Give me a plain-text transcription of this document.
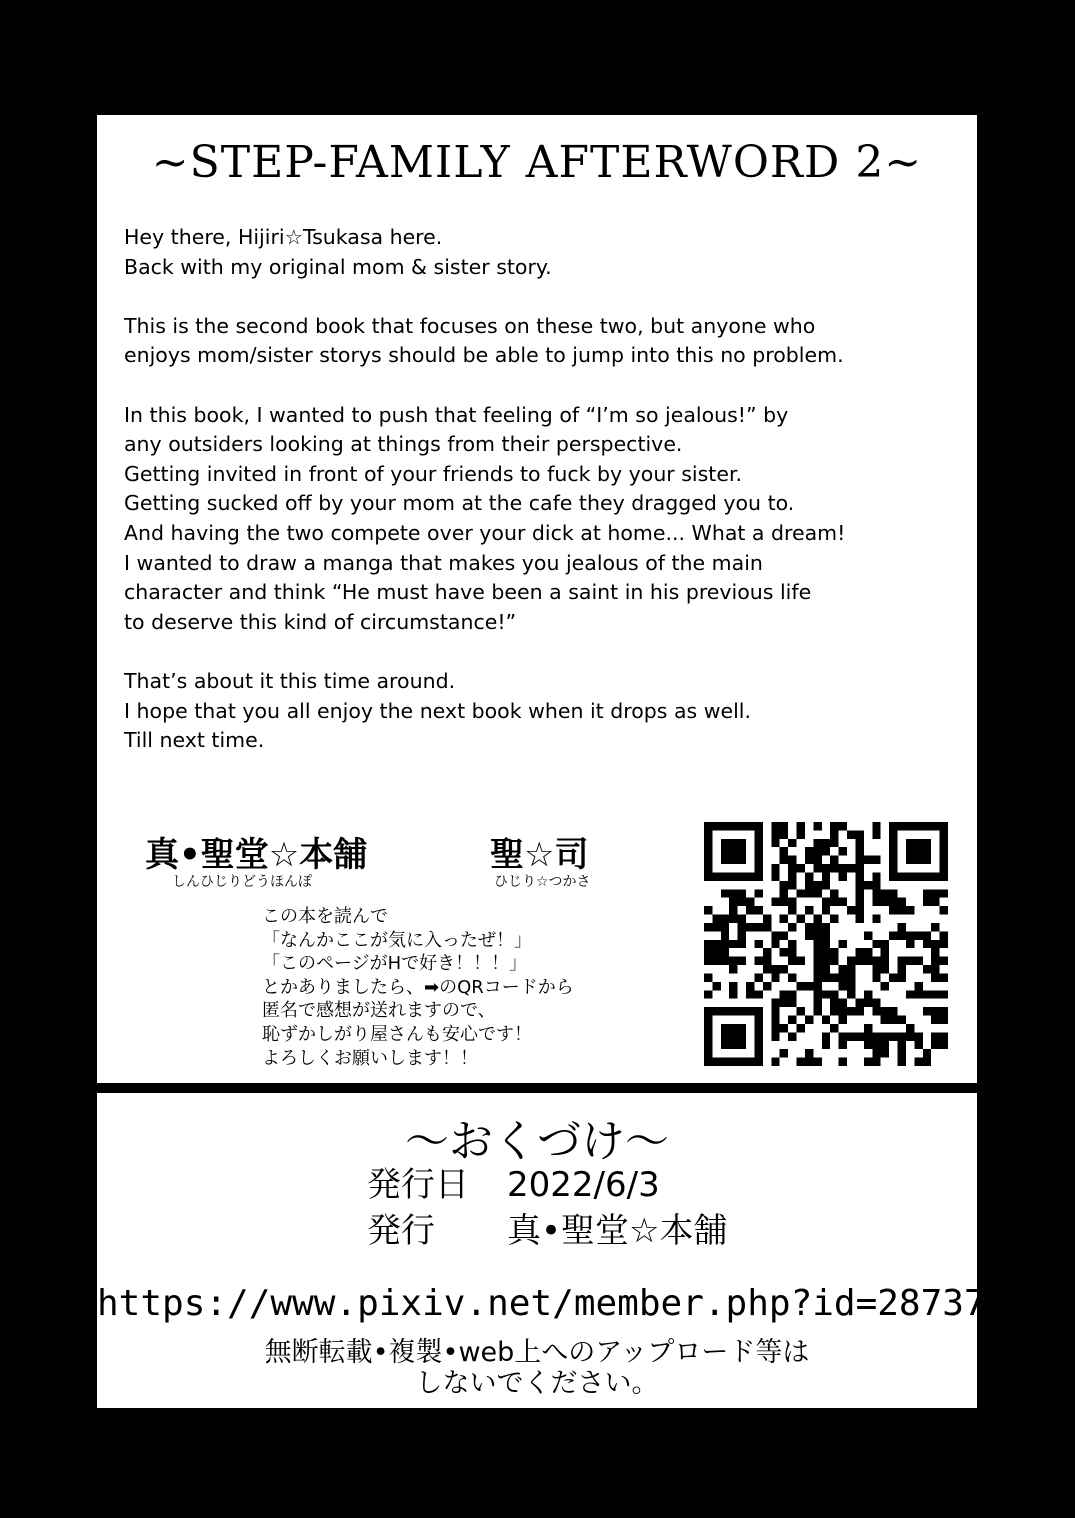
~STEP-FAMILY AFTERWORD 2~

Hey there, Hijiri☆Tsukasa here.
Back with my original mom & sister story.

This is the second book that focuses on these two, but anyone who
enjoys mom/sister storys should be able to jump into this no problem.

In this book, I wanted to push that feeling of “I’m so jealous!” by
any outsiders looking at things from their perspective.
Getting invited in front of your friends to fuck by your sister.
Getting sucked off by your mom at the cafe they dragged you to.
And having the two compete over your dick at home... What a dream!
I wanted to draw a manga that makes you jealous of the main
character and think “He must have been a saint in his previous life
to deserve this kind of circumstance!”

That’s about it this time around.
I hope that you all enjoy the next book when it drops as well.
Till next time.

真•聖堂☆本舗
しんひじりどうほんぽ
聖☆司
ひじり☆つかさ
この本を読んで
「なんかここが気に入ったぜ！」
「このページがHで好き！！！」
とかありましたら、➡のQRコードから
匿名で感想が送れますので、
恥ずかしがり屋さんも安心です！
よろしくお願いします！！
〜おくづけ〜
発行日 2022/6/3
発行 真•聖堂☆本舗
https://www.pixiv.net/member.php?id=28737
無断転載•複製•web上へのアップロード等は
しないでください。
